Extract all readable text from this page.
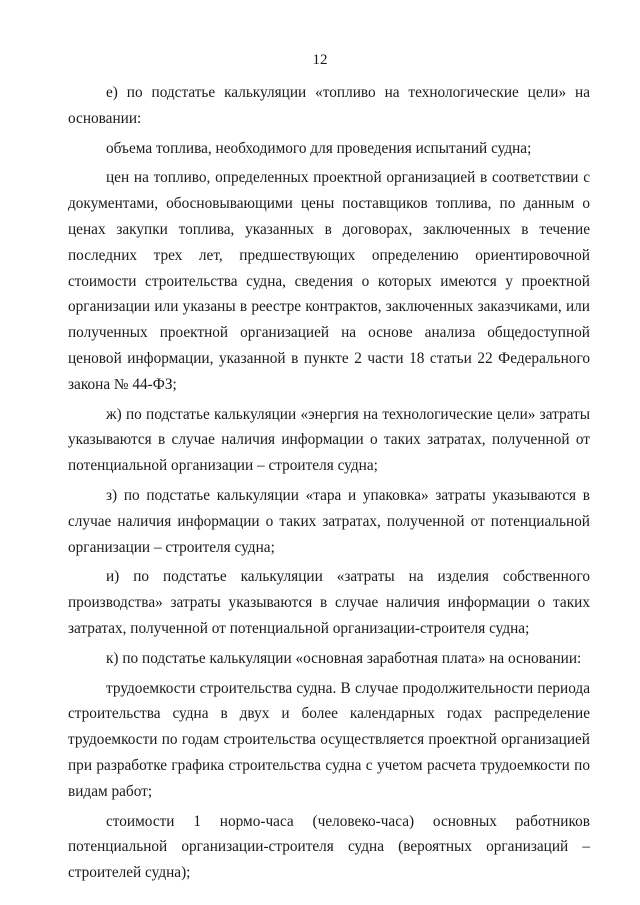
12

е) по подстатье калькуляции «топливо на технологические цели» на основании:

объема топлива, необходимого для проведения испытаний судна;

цен на топливо, определенных проектной организацией в соответствии с документами, обосновывающими цены поставщиков топлива, по данным о ценах закупки топлива, указанных в договорах, заключенных в течение последних трех лет, предшествующих определению ориентировочной стоимости строительства судна, сведения о которых имеются у проектной организации или указаны в реестре контрактов, заключенных заказчиками, или полученных проектной организацией на основе анализа общедоступной ценовой информации, указанной в пункте 2 части 18 статьи 22 Федерального закона № 44-ФЗ;

ж) по подстатье калькуляции «энергия на технологические цели» затраты указываются в случае наличия информации о таких затратах, полученной от потенциальной организации – строителя судна;

з) по подстатье калькуляции «тара и упаковка» затраты указываются в случае наличия информации о таких затратах, полученной от потенциальной организации – строителя судна;

и) по подстатье калькуляции «затраты на изделия собственного производства» затраты указываются в случае наличия информации о таких затратах, полученной от потенциальной организации-строителя судна;

к) по подстатье калькуляции «основная заработная плата» на основании:

трудоемкости строительства судна. В случае продолжительности периода строительства судна в двух и более календарных годах распределение трудоемкости по годам строительства осуществляется проектной организацией при разработке графика строительства судна с учетом расчета трудоемкости по видам работ;

стоимости 1 нормо-часа (человеко-часа) основных работников потенциальной организации-строителя судна (вероятных организаций – строителей судна);
